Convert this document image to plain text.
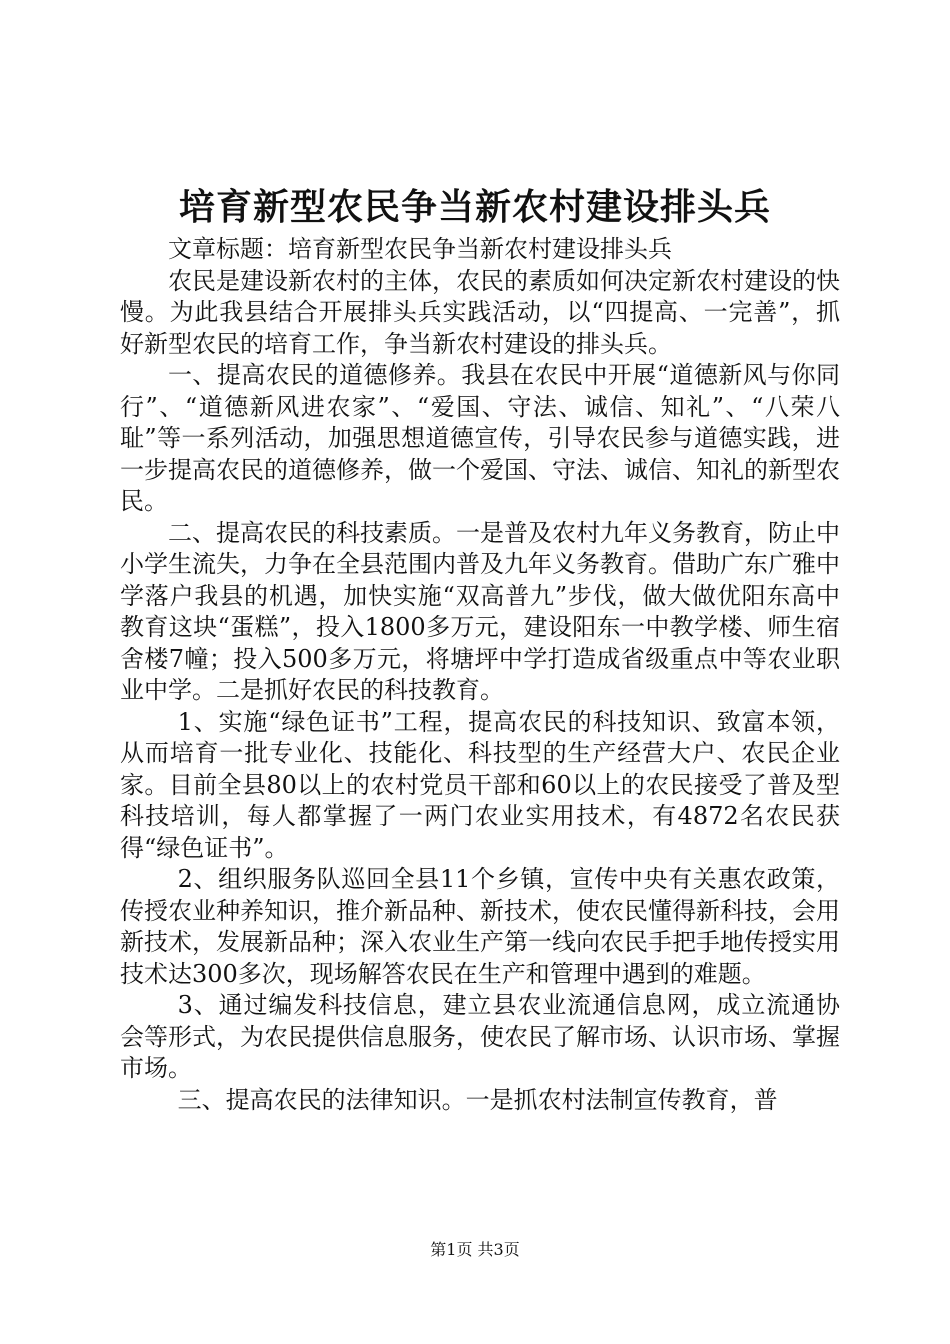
培育新型农民争当新农村建设排头兵

文章标题：培育新型农民争当新农村建设排头兵

农民是建设新农村的主体，农民的素质如何决定新农村建设的快慢。为此我县结合开展排头兵实践活动，以“四提高、一完善”，抓好新型农民的培育工作，争当新农村建设的排头兵。

一、提高农民的道德修养。我县在农民中开展“道德新风与你同行”、“道德新风进农家”、“爱国、守法、诚信、知礼”、“八荣八耻”等一系列活动，加强思想道德宣传，引导农民参与道德实践，进一步提高农民的道德修养，做一个爱国、守法、诚信、知礼的新型农民。

二、提高农民的科技素质。一是普及农村九年义务教育，防止中小学生流失，力争在全县范围内普及九年义务教育。借助广东广雅中学落户我县的机遇，加快实施“双高普九”步伐，做大做优阳东高中教育这块“蛋糕”，投入1800多万元，建设阳东一中教学楼、师生宿舍楼7幢；投入500多万元，将塘坪中学打造成省级重点中等农业职业中学。二是抓好农民的科技教育。

1、实施“绿色证书”工程，提高农民的科技知识、致富本领，从而培育一批专业化、技能化、科技型的生产经营大户、农民企业家。目前全县80以上的农村党员干部和60以上的农民接受了普及型科技培训，每人都掌握了一两门农业实用技术，有4872名农民获得“绿色证书”。

2、组织服务队巡回全县11个乡镇，宣传中央有关惠农政策，传授农业种养知识，推介新品种、新技术，使农民懂得新科技，会用新技术，发展新品种；深入农业生产第一线向农民手把手地传授实用技术达300多次，现场解答农民在生产和管理中遇到的难题。

3、通过编发科技信息，建立县农业流通信息网，成立流通协会等形式，为农民提供信息服务，使农民了解市场、认识市场、掌握市场。

三、提高农民的法律知识。一是抓农村法制宣传教育，普

第1页 共3页
